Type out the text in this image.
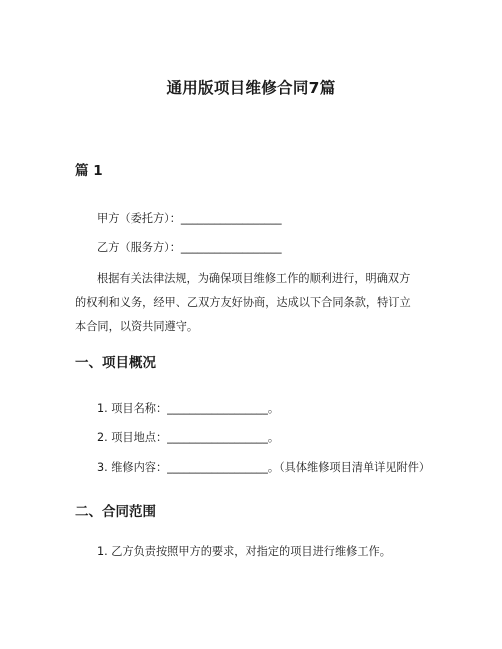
通用版项目维修合同7篇
篇 1
甲方（委托方）：__________________
乙方（服务方）：__________________
根据有关法律法规，为确保项目维修工作的顺利进行，明确双方
的权利和义务，经甲、乙双方友好协商，达成以下合同条款，特订立
本合同，以资共同遵守。
一、项目概况
1. 项目名称：__________________。
2. 项目地点：__________________。
3. 维修内容：__________________。（具体维修项目清单详见附件）
二、合同范围
1. 乙方负责按照甲方的要求，对指定的项目进行维修工作。
